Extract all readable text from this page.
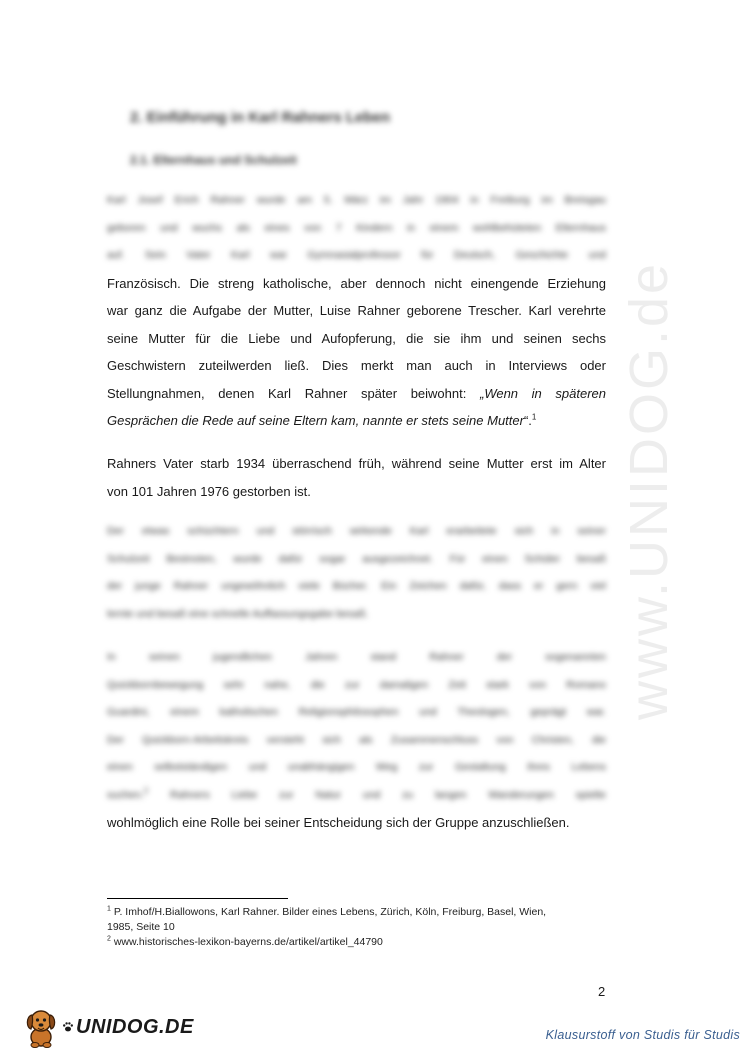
2. Einführung in Karl Rahners Leben
2.1. Elternhaus und Schulzeit
Karl Josef Erich Rahner wurde am 5. März im Jahr 1904 in Freiburg im Breisgau
geboren und wuchs als eines von 7 Kindern in einem wohlbehüteten Elternhaus
auf. Sein Vater Karl war Gymnasialprofessor für Deutsch, Geschichte und
Französisch. Die streng katholische, aber dennoch nicht einengende Erziehung
war ganz die Aufgabe der Mutter, Luise Rahner geborene Trescher. Karl verehrte
seine Mutter für die Liebe und Aufopferung, die sie ihm und seinen sechs
Geschwistern zuteilwerden ließ. Dies merkt man auch in Interviews oder
Stellungnahmen, denen Karl Rahner später beiwohnt: „Wenn in späteren
Gesprächen die Rede auf seine Eltern kam, nannte er stets seine Mutter“.$^1$
Rahners Vater starb 1934 überraschend früh, während seine Mutter erst im Alter
von 101 Jahren 1976 gestorben ist.
Der etwas schüchtern und störrisch wirkende Karl erarbeitete sich in seiner
Schulzeit Bestnoten, wurde dafür sogar ausgezeichnet. Für einen Schüler besaß
der junge Rahner ungewöhnlich viele Bücher. Ein Zeichen dafür, dass er gern viel
lernte und besaß eine schnelle Auffassungsgabe besaß.
In seinen jugendlichen Jahren stand Rahner der sogenannten
Quickbornbewegung sehr nahe, die zur damaligen Zeit stark von Romano
Guardini, einem katholischen Religionsphilosophen und Theologen, geprägt war.
Der Quickborn-Arbeitskreis versteht sich als Zusammenschluss von Christen, die
einen selbstständigen und unabhängigen Weg zur Gestaltung ihres Lebens
suchen.$^2$ Rahners Liebe zur Natur und zu langen Wanderungen spielte
wohlmöglich eine Rolle bei seiner Entscheidung sich der Gruppe anzuschließen.
$^1$ P. Imhof/H.Biallowons, Karl Rahner. Bilder eines Lebens, Zürich, Köln, Freiburg, Basel, Wien,
1985, Seite 10
$^2$ www.historisches-lexikon-bayerns.de/artikel/artikel_44790
2
www.UNIDOG.de
UNIDOG.DE	Klausurstoff von Studis für Studis
